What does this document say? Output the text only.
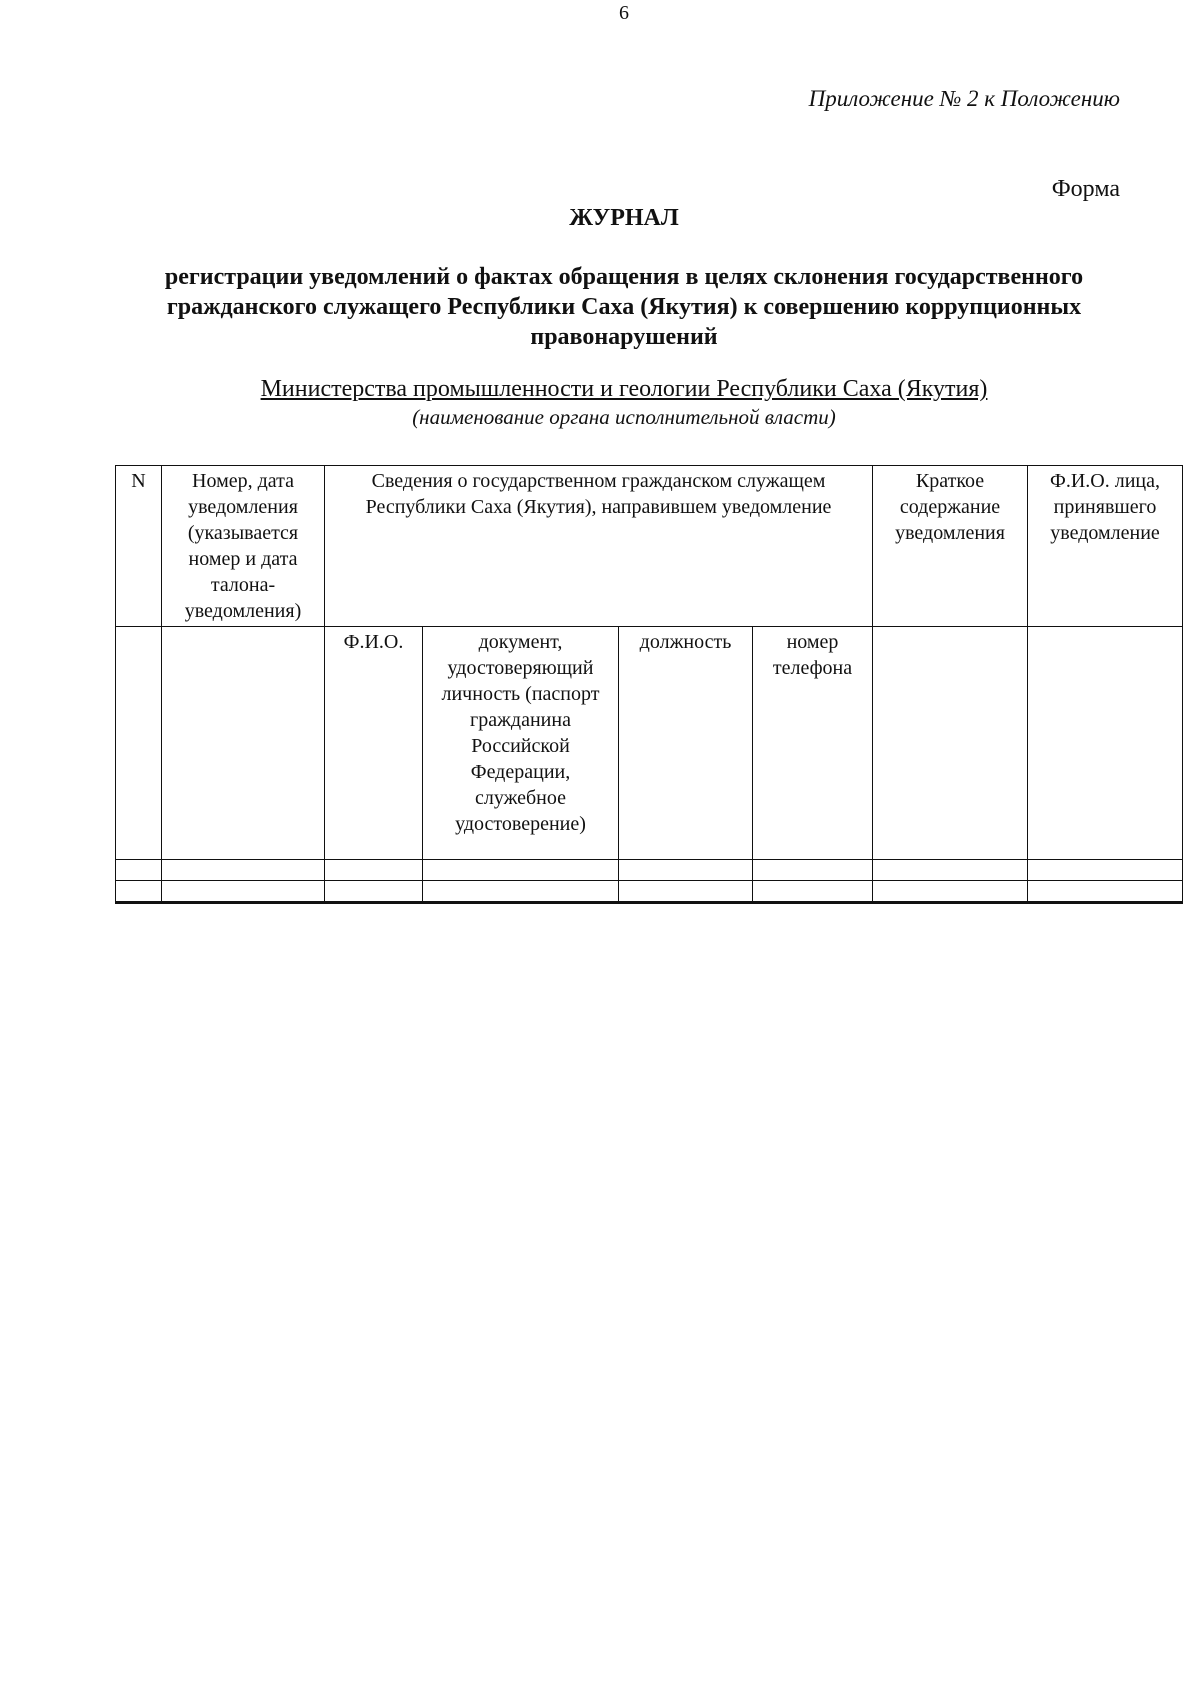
6
Приложение № 2 к Положению
Форма
ЖУРНАЛ
регистрации уведомлений о фактах обращения в целях склонения государственного гражданского служащего Республики Саха (Якутия) к совершению коррупционных правонарушений
Министерства промышленности и геологии Республики Саха (Якутия)
(наименование органа исполнительной власти)
N	Номер, дата уведомления (указывается номер и дата талона-уведомления)	Сведения о государственном гражданском служащем Республики Саха (Якутия), направившем уведомление				Краткое содержание уведомления	Ф.И.О. лица, принявшего уведомление
		Ф.И.О.	документ, удостоверяющий личность (паспорт гражданина Российской Федерации, служебное удостоверение)	должность	номер телефона		
